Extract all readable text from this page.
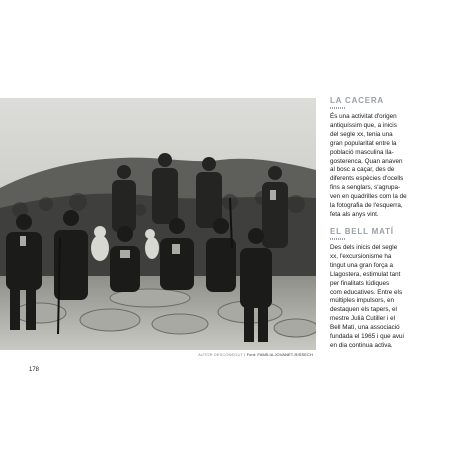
AUTOR DESCONEGUT / Font: FAMÍLIA JOVANET-RISSECH
178
LA CACERA
És una activitat d'origen
antiquíssim que, a inicis
del segle xx, tenia una
gran popularitat entre la
població masculina lla-
gosterenca. Quan anaven
al bosc a caçar, des de
diferents espècies d'ocells
fins a senglars, s'agrupa-
ven en quadrilles com la de
la fotografia de l'esquerra,
feta als anys vint.
EL BELL MATÍ
Des dels inicis del segle
xx, l'excursionisme ha
tingut una gran força a
Llagostera, estimulat tant
per finalitats lúdiques
com educatives. Entre els
múltiples impulsors, en
destaquen els tapers, el
mestre Julià Cutiller i el
Bell Matí, una associació
fundada el 1965 i que avui
en dia continua activa.
